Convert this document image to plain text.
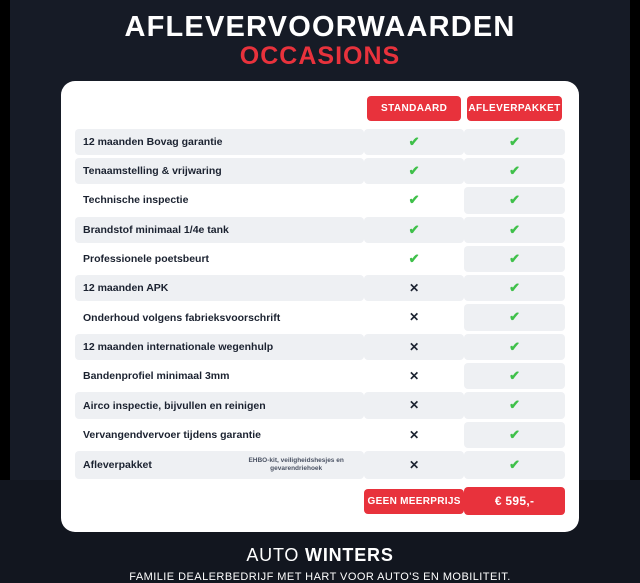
AFLEVERVOORWAARDEN
OCCASIONS

	STANDAARD	AFLEVERPAKKET

12 maanden Bovag garantie	✔	✔
Tenaamstelling & vrijwaring	✔	✔
Technische inspectie	✔	✔
Brandstof minimaal 1/4e tank	✔	✔
Professionele poetsbeurt	✔	✔
12 maanden APK	✕	✔
Onderhoud volgens fabrieksvoorschrift	✕	✔
12 maanden internationale wegenhulp	✕	✔
Bandenprofiel minimaal 3mm	✕	✔
Airco inspectie, bijvullen en reinigen	✕	✔
Vervangendvervoer tijdens garantie	✕	✔

Afleverpakket EHBO-kit, veiligheidshesjes en gevarendriehoek	✕	✔

	GEEN MEERPRIJS	€ 595,-
AUTO WINTERS
FAMILIE DEALERBEDRIJF MET HART VOOR AUTO'S EN MOBILITEIT.
